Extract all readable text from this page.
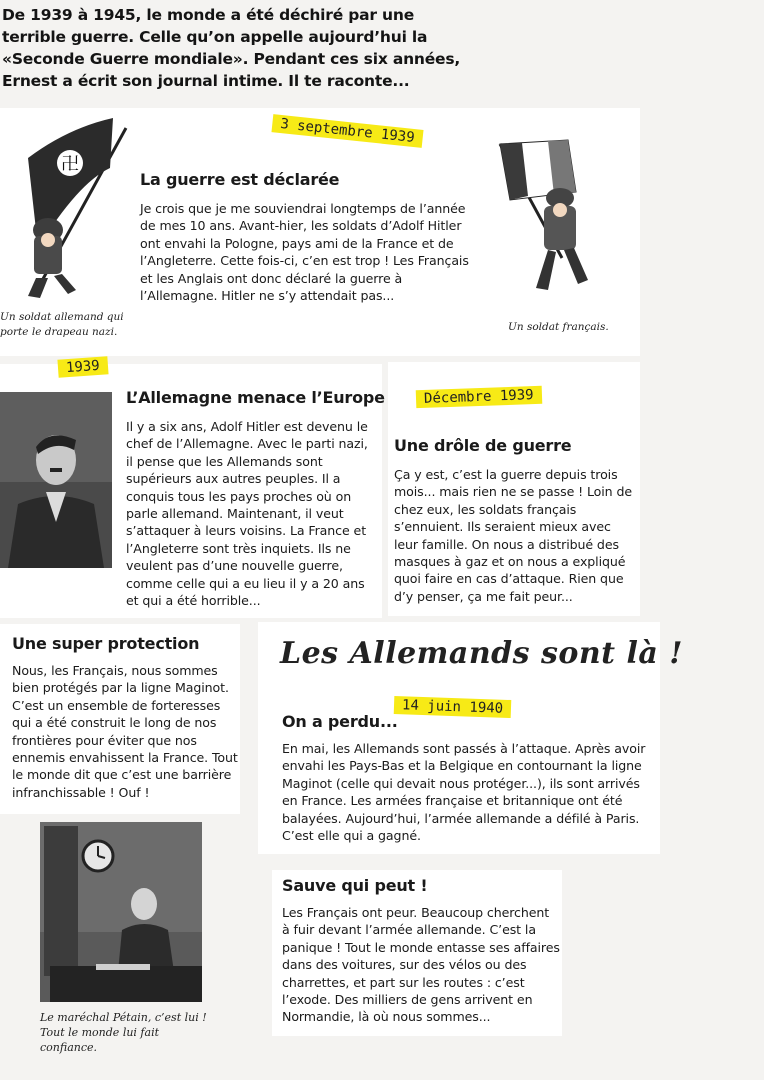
De 1939 à 1945, le monde a été déchiré par une terrible guerre. Celle qu’on appelle aujourd’hui la «Seconde Guerre mondiale». Pendant ces six années, Ernest a écrit son journal intime. Il te raconte...
卍
Un soldat allemand qui porte le drapeau nazi.
3 septembre 1939
La guerre est déclarée
Je crois que je me souviendrai longtemps de l’année de mes 10 ans. Avant-hier, les soldats d’Adolf Hitler ont envahi la Pologne, pays ami de la France et de l’Angleterre. Cette fois-ci, c’en est trop ! Les Français et les Anglais ont donc déclaré la guerre à l’Allemagne. Hitler ne s’y attendait pas...
Un soldat français.
1939
L’Allemagne menace l’Europe
Il y a six ans, Adolf Hitler est devenu le chef de l’Allemagne. Avec le parti nazi, il pense que les Allemands sont supérieurs aux autres peuples. Il a conquis tous les pays proches où on parle allemand. Maintenant, il veut s’attaquer à leurs voisins. La France et l’Angleterre sont très inquiets. Ils ne veulent pas d’une nouvelle guerre, comme celle qui a eu lieu il y a 20 ans et qui a été horrible...
Décembre 1939
Une drôle de guerre
Ça y est, c’est la guerre depuis trois mois... mais rien ne se passe ! Loin de chez eux, les soldats français s’ennuient. Ils seraient mieux avec leur famille. On nous a distribué des masques à gaz et on nous a expliqué quoi faire en cas d’attaque. Rien que d’y penser, ça me fait peur...
Une super protection
Nous, les Français, nous sommes bien protégés par la ligne Maginot. C’est un ensemble de forteresses qui a été construit le long de nos frontières pour éviter que nos ennemis envahissent la France. Tout le monde dit que c’est une barrière infranchissable ! Ouf !
Le maréchal Pétain, c’est lui ! Tout le monde lui fait confiance.
Les Allemands sont là !
14 juin 1940
On a perdu...
En mai, les Allemands sont passés à l’attaque. Après avoir envahi les Pays-Bas et la Belgique en contournant la ligne Maginot (celle qui devait nous protéger...), ils sont arrivés en France. Les armées française et britannique ont été balayées. Aujourd’hui, l’armée allemande a défilé à Paris. C’est elle qui a gagné.
Sauve qui peut !
Les Français ont peur. Beaucoup cherchent à fuir devant l’armée allemande. C’est la panique ! Tout le monde entasse ses affaires dans des voitures, sur des vélos ou des charrettes, et part sur les routes : c’est l’exode. Des milliers de gens arrivent en Normandie, là où nous sommes...
